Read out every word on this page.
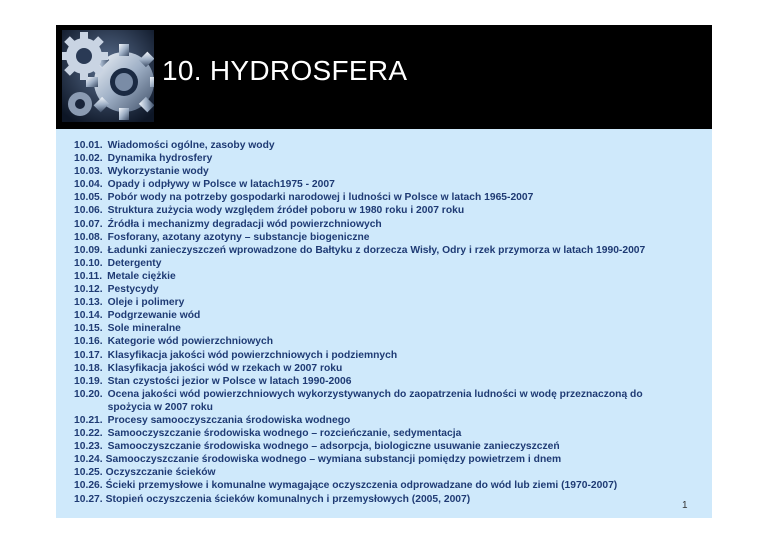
10. HYDROSFERA
10.01. Wiadomości ogólne, zasoby wody
10.02. Dynamika hydrosfery
10.03. Wykorzystanie wody
10.04. Opady i odpływy w Polsce w latach1975 - 2007
10.05. Pobór wody na potrzeby gospodarki narodowej i ludności w Polsce w latach 1965-2007
10.06. Struktura zużycia wody względem źródeł poboru w 1980 roku i 2007 roku
10.07. Źródła i mechanizmy degradacji wód powierzchniowych
10.08. Fosforany, azotany azotyny – substancje biogeniczne
10.09. Ładunki zanieczyszczeń wprowadzone do Bałtyku z dorzecza Wisły, Odry i rzek przymorza w latach 1990-2007
10.10. Detergenty
10.11. Metale ciężkie
10.12. Pestycydy
10.13. Oleje i polimery
10.14. Podgrzewanie wód
10.15. Sole mineralne
10.16. Kategorie wód powierzchniowych
10.17. Klasyfikacja jakości wód powierzchniowych i podziemnych
10.18. Klasyfikacja jakości wód w rzekach w 2007 roku
10.19. Stan czystości jezior w Polsce w latach 1990-2006
10.20. Ocena jakości wód powierzchniowych wykorzystywanych do zaopatrzenia ludności w wodę przeznaczoną do spożycia w 2007 roku
10.21. Procesy samooczyszczania środowiska wodnego
10.22. Samooczyszczanie środowiska wodnego – rozcieńczanie, sedymentacja
10.23. Samooczyszczanie środowiska wodnego – adsorpcja, biologiczne usuwanie zanieczyszczeń
10.24. Samooczyszczanie środowiska wodnego – wymiana substancji pomiędzy powietrzem i dnem
10.25. Oczyszczanie ścieków
10.26. Ścieki przemysłowe i komunalne wymagające oczyszczenia odprowadzane do wód lub ziemi (1970-2007)
10.27. Stopień oczyszczenia ścieków komunalnych i przemysłowych (2005, 2007)
1
